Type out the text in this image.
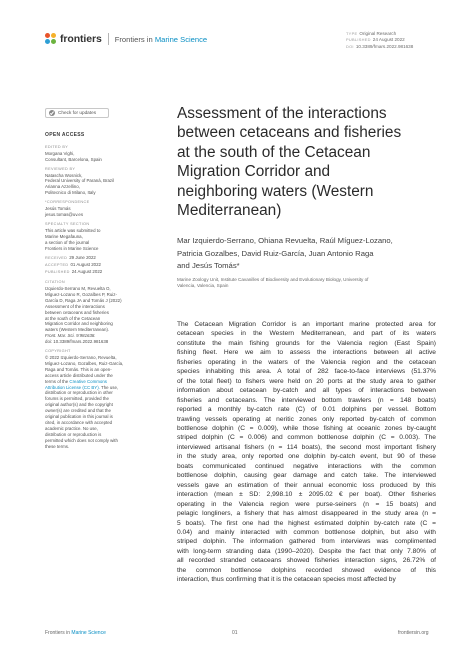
frontiers Frontiers in Marine Science
TYPE Original Research
PUBLISHED 24 August 2022
DOI 10.3389/fmars.2022.981638
Check for updates
OPEN ACCESS
EDITED BY
Morgana Vighi,
Consultant, Barcelona, Spain
REVIEWED BY
Natascha Wosnick,
Federal University of Paraná, Brazil
Arianna Azzellino,
Politecnico di Milano, Italy
*CORRESPONDENCE
Jesús Tomás
jesus.tomas@uv.es
SPECIALTY SECTION
This article was submitted to
Marine Megafauna,
a section of the journal
Frontiers in Marine Science
RECEIVED 29 June 2022
ACCEPTED 01 August 2022
PUBLISHED 24 August 2022
CITATION
Izquierdo-Serrano M, Revuelta O,
Míguez-Lozano R, Gozalbes P, Ruiz-
García D, Raga JA and Tomás J (2022)
Assessment of the interactions
between cetaceans and fisheries
at the south of the Cetacean
Migration Corridor and neighboring
waters (Western Mediterranean).
Front. Mar. Sci. 9:981638.
doi: 10.3389/fmars.2022.981638
COPYRIGHT
© 2022 Izquierdo-Serrano, Revuelta,
Míguez-Lozano, Gozalbes, Ruiz-García,
Raga and Tomás. This is an open-
access article distributed under the
terms of the Creative Commons
Attribution License (CC BY). The use,
distribution or reproduction in other
forums is permitted, provided the
original author(s) and the copyright
owner(s) are credited and that the
original publication in this journal is
cited, in accordance with accepted
academic practice. No use,
distribution or reproduction is
permitted which does not comply with
these terms.
Assessment of the interactions
between cetaceans and fisheries
at the south of the Cetacean
Migration Corridor and
neighboring waters (Western
Mediterranean)
Mar Izquierdo-Serrano, Ohiana Revuelta, Raúl Míguez-Lozano,
Patricia Gozalbes, David Ruiz-García, Juan Antonio Raga
and Jesús Tomás*
Marine Zoology Unit, Institute Cavanilles of Biodiversity and Evolutionary Biology, University of
Valencia, Valencia, Spain
The Cetacean Migration Corridor is an important marine protected area for
cetacean species in the Western Mediterranean, and part of its waters
constitute the main fishing grounds for the Valencia region (East Spain)
fishing fleet. Here we aim to assess the interactions between all active
fisheries operating in the waters of the Valencia region and the cetacean
species inhabiting this area. A total of 282 face-to-face interviews (51.37%
of the total fleet) to fishers were held on 20 ports at the study area to gather
information about cetacean by-catch and all types of interactions between
fisheries and cetaceans. The interviewed bottom trawlers (n = 148 boats)
reported a monthly by-catch rate (C) of 0.01 dolphins per vessel. Bottom
trawling vessels operating at neritic zones only reported by-catch of common
bottlenose dolphin (C = 0.009), while those fishing at oceanic zones by-caught
striped dolphin (C = 0.006) and common bottlenose dolphin (C = 0.003). The
interviewed artisanal fishers (n = 114 boats), the second most important fishery
in the study area, only reported one dolphin by-catch event, but 90 of these
boats communicated continued negative interactions with the common
bottlenose dolphin, causing gear damage and catch take. The interviewed
vessels gave an estimation of their annual economic loss produced by this
interaction (mean ± SD: 2,998.10 ± 2095.02 € per boat). Other fisheries
operating in the Valencia region were purse-seiners (n = 15 boats) and
pelagic longliners, a fishery that has almost disappeared in the study area (n =
5 boats). The first one had the highest estimated dolphin by-catch rate (C =
0.04) and mainly interacted with common bottlenose dolphin, but also with
striped dolphin. The information gathered from interviews was complimented
with long-term stranding data (1990–2020). Despite the fact that only 7.80% of
all recorded stranded cetaceans showed fisheries interaction signs, 26.72% of
the common bottlenose dolphins recorded showed evidence of this
interaction, thus confirming that it is the cetacean species most affected by
Frontiers in Marine Science	01	frontiersin.org
